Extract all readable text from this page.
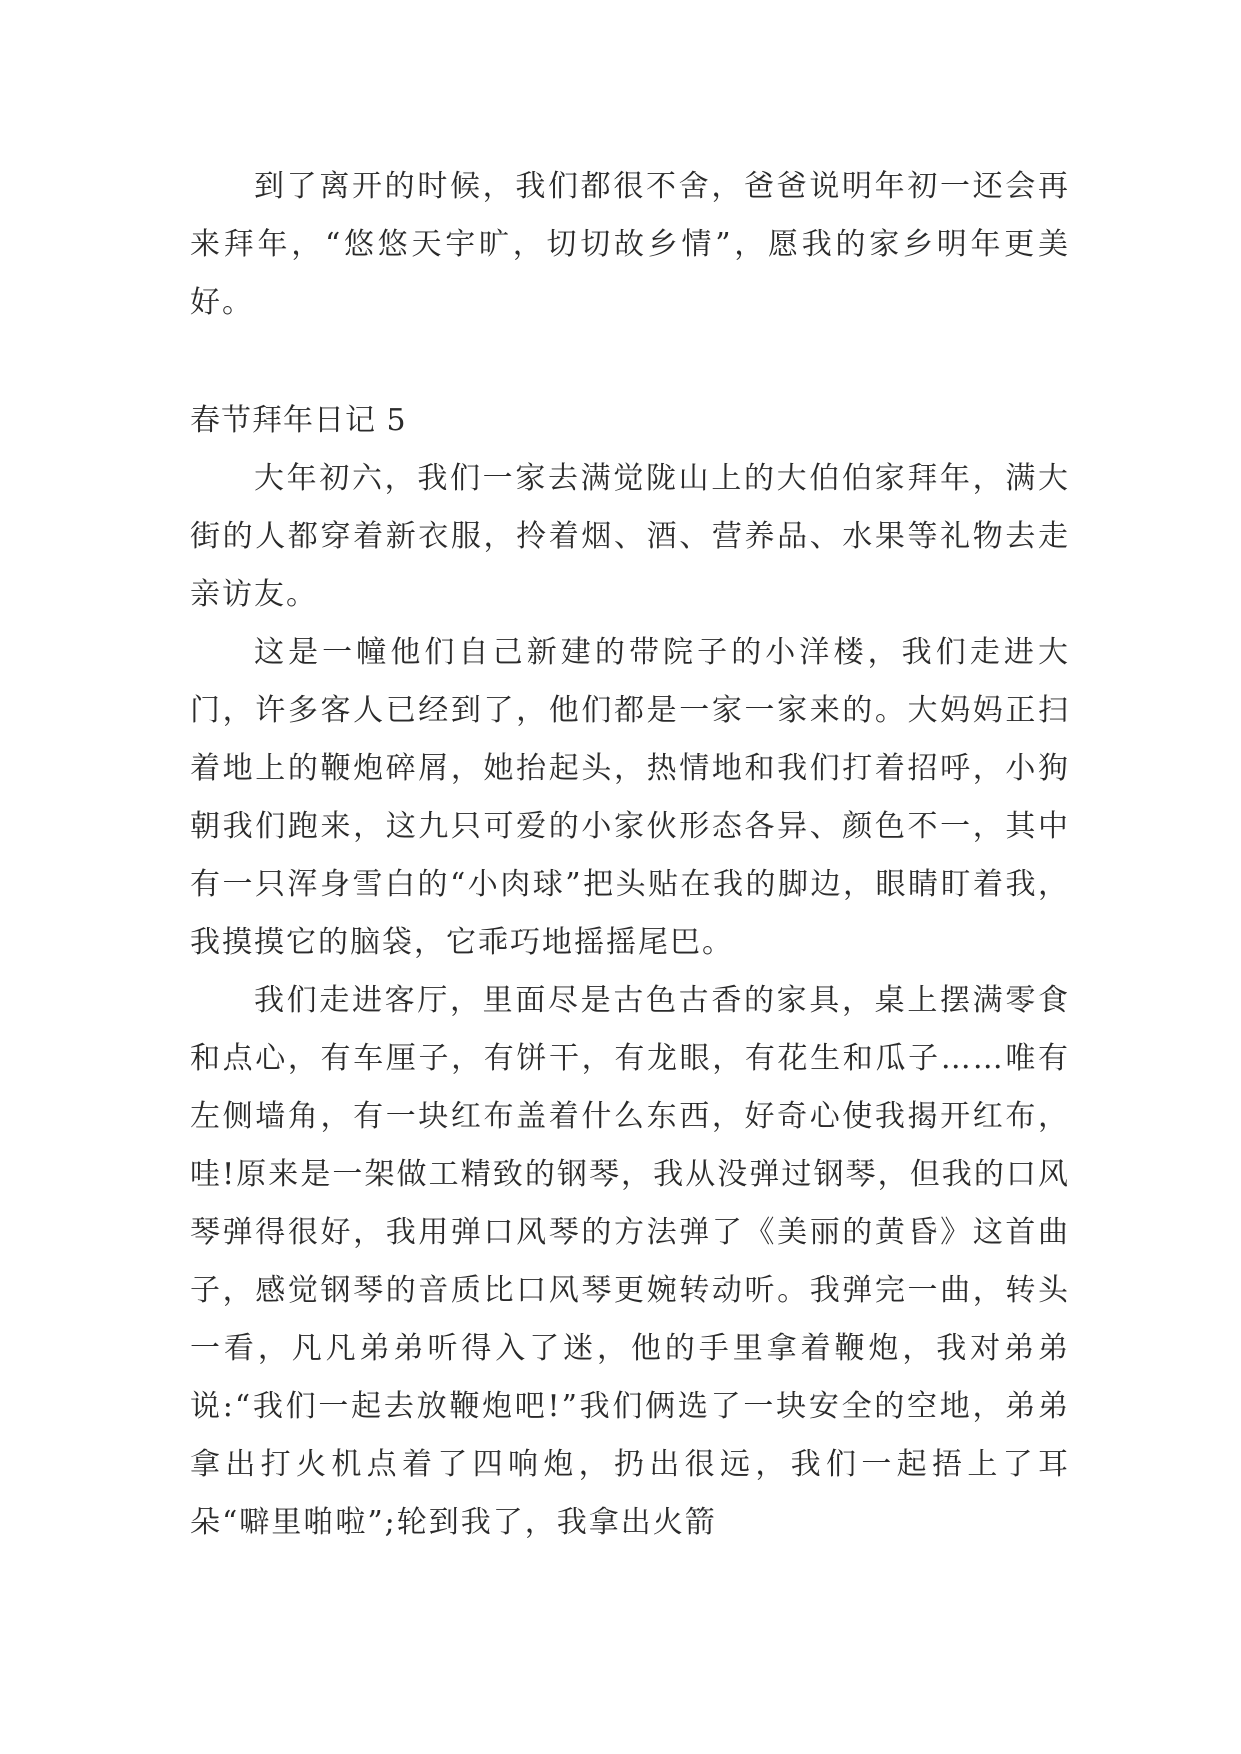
到了离开的时候，我们都很不舍，爸爸说明年初一还会再来拜年，“悠悠天宇旷，切切故乡情”，愿我的家乡明年更美好。

春节拜年日记 5

大年初六，我们一家去满觉陇山上的大伯伯家拜年，满大街的人都穿着新衣服，拎着烟、酒、营养品、水果等礼物去走亲访友。

这是一幢他们自己新建的带院子的小洋楼，我们走进大门，许多客人已经到了，他们都是一家一家来的。大妈妈正扫着地上的鞭炮碎屑，她抬起头，热情地和我们打着招呼，小狗朝我们跑来，这九只可爱的小家伙形态各异、颜色不一，其中有一只浑身雪白的“小肉球”把头贴在我的脚边，眼睛盯着我，我摸摸它的脑袋，它乖巧地摇摇尾巴。

我们走进客厅，里面尽是古色古香的家具，桌上摆满零食和点心，有车厘子，有饼干，有龙眼，有花生和瓜子……唯有左侧墙角，有一块红布盖着什么东西，好奇心使我揭开红布，哇!原来是一架做工精致的钢琴，我从没弹过钢琴，但我的口风琴弹得很好，我用弹口风琴的方法弹了《美丽的黄昏》这首曲子，感觉钢琴的音质比口风琴更婉转动听。我弹完一曲，转头一看，凡凡弟弟听得入了迷，他的手里拿着鞭炮，我对弟弟说:“我们一起去放鞭炮吧!”我们俩选了一块安全的空地，弟弟拿出打火机点着了四响炮，扔出很远，我们一起捂上了耳朵“噼里啪啦”;轮到我了，我拿出火箭
